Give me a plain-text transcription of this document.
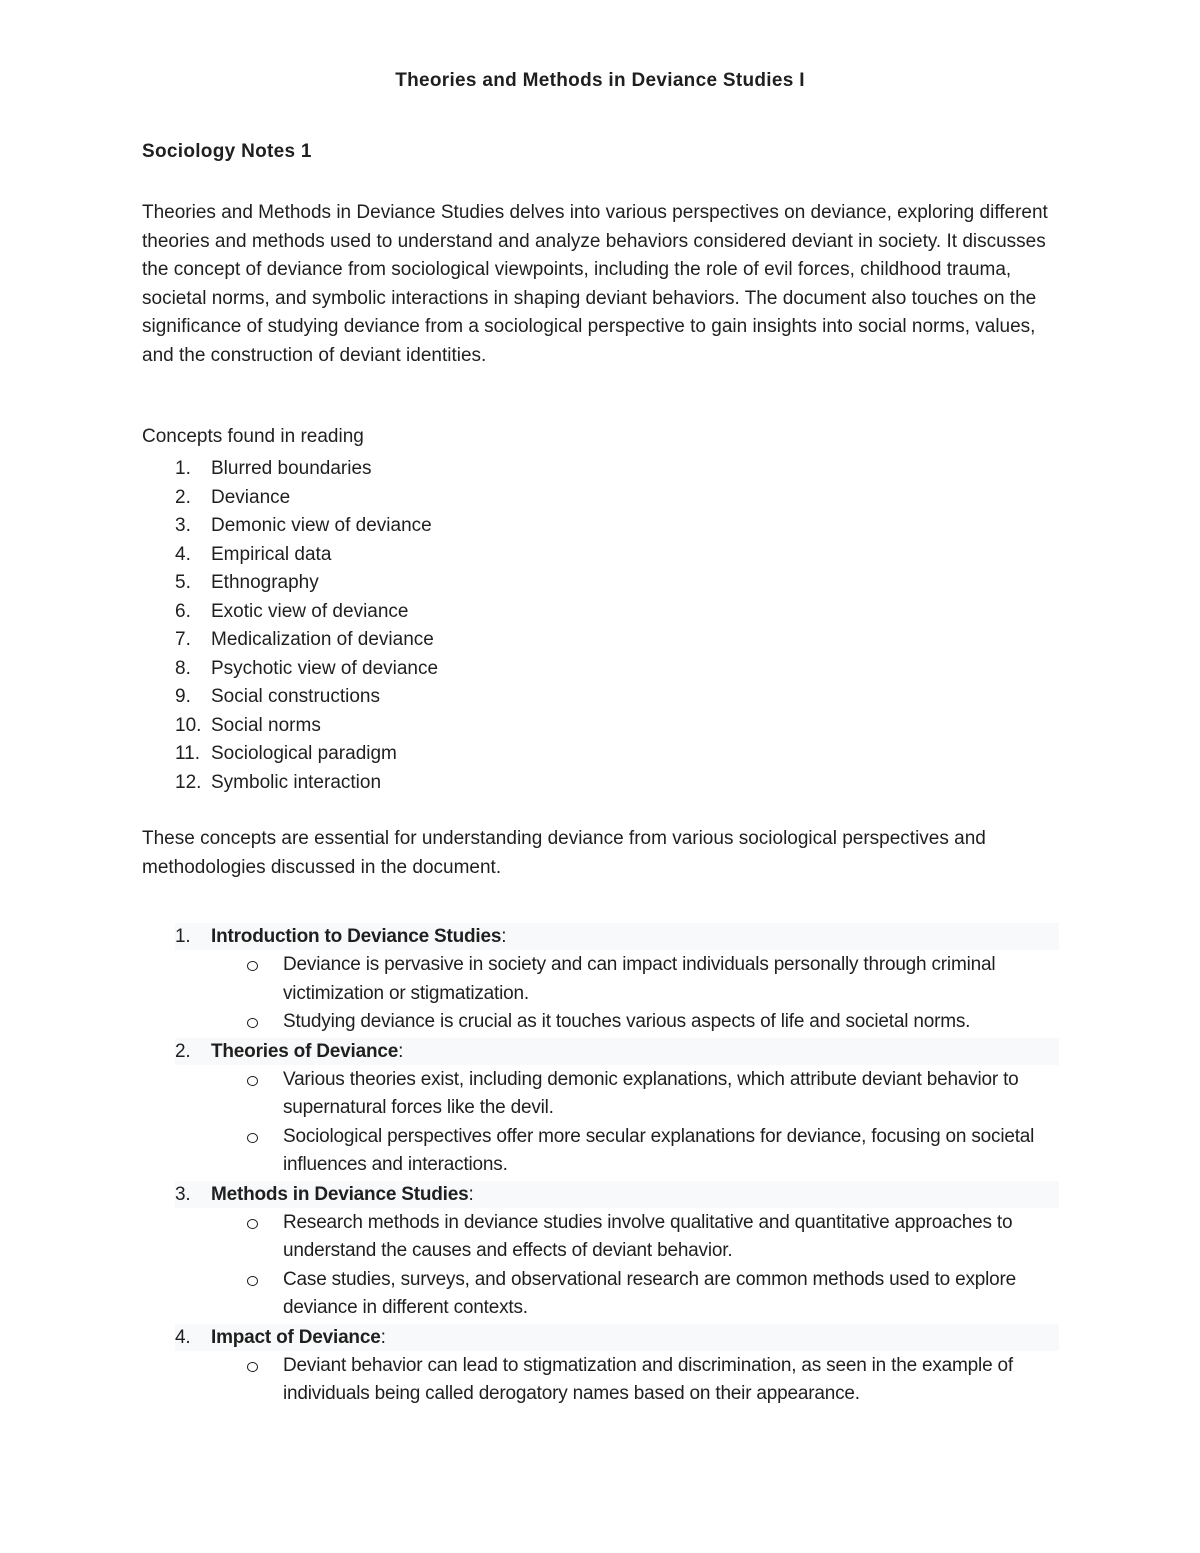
Theories and Methods in Deviance Studies I
Sociology Notes 1

Theories and Methods in Deviance Studies delves into various perspectives on deviance, exploring different theories and methods used to understand and analyze behaviors considered deviant in society. It discusses the concept of deviance from sociological viewpoints, including the role of evil forces, childhood trauma, societal norms, and symbolic interactions in shaping deviant behaviors. The document also touches on the significance of studying deviance from a sociological perspective to gain insights into social norms, values, and the construction of deviant identities.

Concepts found in reading
1. Blurred boundaries
2. Deviance
3. Demonic view of deviance
4. Empirical data
5. Ethnography
6. Exotic view of deviance
7. Medicalization of deviance
8. Psychotic view of deviance
9. Social constructions
10. Social norms
11. Sociological paradigm
12. Symbolic interaction

These concepts are essential for understanding deviance from various sociological perspectives and methodologies discussed in the document.

1. Introduction to Deviance Studies:
Deviance is pervasive in society and can impact individuals personally through criminal victimization or stigmatization.
Studying deviance is crucial as it touches various aspects of life and societal norms.
2. Theories of Deviance:
Various theories exist, including demonic explanations, which attribute deviant behavior to supernatural forces like the devil.
Sociological perspectives offer more secular explanations for deviance, focusing on societal influences and interactions.
3. Methods in Deviance Studies:
Research methods in deviance studies involve qualitative and quantitative approaches to understand the causes and effects of deviant behavior.
Case studies, surveys, and observational research are common methods used to explore deviance in different contexts.
4. Impact of Deviance:
Deviant behavior can lead to stigmatization and discrimination, as seen in the example of individuals being called derogatory names based on their appearance.
